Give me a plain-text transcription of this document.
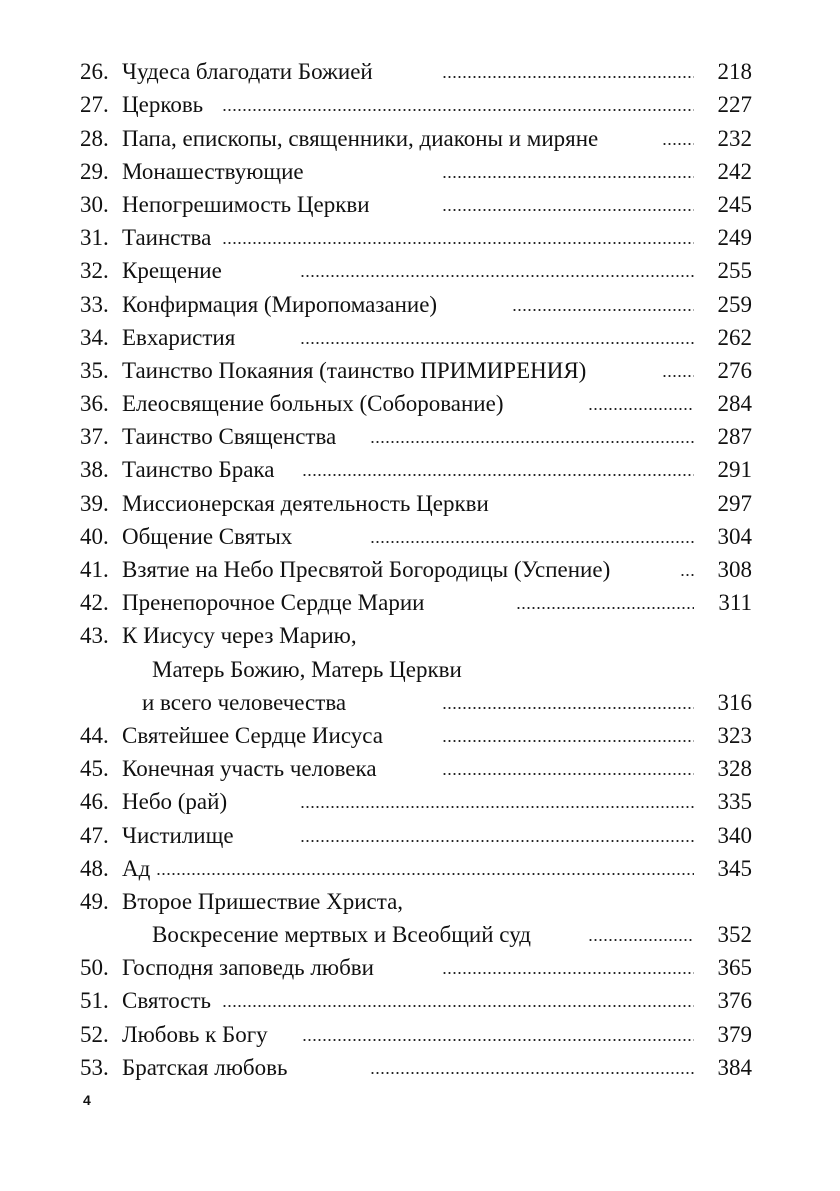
26. Чудеса благодати Божией	218
27. Церковь	227
28. Папа, епископы, священники, диаконы и миряне	232
29. Монашествующие	242
30. Непогрешимость Церкви	245
31. Таинства	249
32. Крещение	255
33. Конфирмация (Миропомазание)	259
34. Евхаристия	262
35. Таинство Покаяния (таинство ПРИМИРЕНИЯ)	276
36. Елеосвящение больных (Соборование)	284
37. Таинство Священства	287
38. Таинство Брака	291
39. Миссионерская деятельность Церкви	297
40. Общение Святых	304
41. Взятие на Небо Пресвятой Богородицы (Успение)	308
42. Пренепорочное Сердце Марии	311
43. К Иисусу через Марию,
Матерь Божию, Матерь Церкви
и всего человечества	316
44. Святейшее Сердце Иисуса	323
45. Конечная участь человека	328
46. Небо (рай)	335
47. Чистилище	340
48. Ад	345
49. Второе Пришествие Христа,
Воскресение мертвых и Всеобщий суд	352
50. Господня заповедь любви	365
51. Святость	376
52. Любовь к Богу	379
53. Братская любовь	384
4
